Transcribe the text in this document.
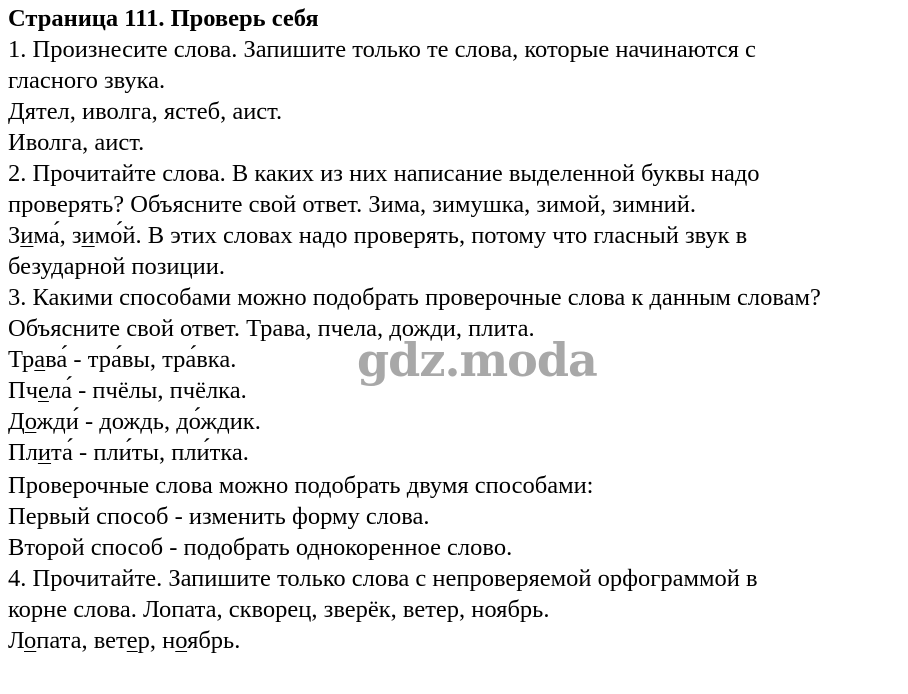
Страница 111. Проверь себя
1. Произнесите слова. Запишите только те слова, которые начинаются с
гласного звука.
Дятел, иволга, ястеб, аист.
Иволга, аист.
2. Прочитайте слова. В каких из них написание выделенной буквы надо
проверять? Объясните свой ответ. Зима, зимушка, зимой, зимний.
Зима́, зимо́й. В этих словах надо проверять, потому что гласный звук в
безударной позиции.
3. Какими способами можно подобрать проверочные слова к данным словам?
Объясните свой ответ. Трава, пчела, дожди, плита.
Трава́ - тра́вы, тра́вка.
Пчела́ - пчёлы, пчёлка.
Дожди́ - дождь, до́ждик.
Плита́ - пли́ты, пли́тка.
Проверочные слова можно подобрать двумя способами:
Первый способ - изменить форму слова.
Второй способ - подобрать однокоренное слово.
4. Прочитайте. Запишите только слова с непроверяемой орфограммой в
корне слова. Лопата, скворец, зверёк, ветер, ноябрь.
Лопата, ветер, ноябрь.
gdz.moda
